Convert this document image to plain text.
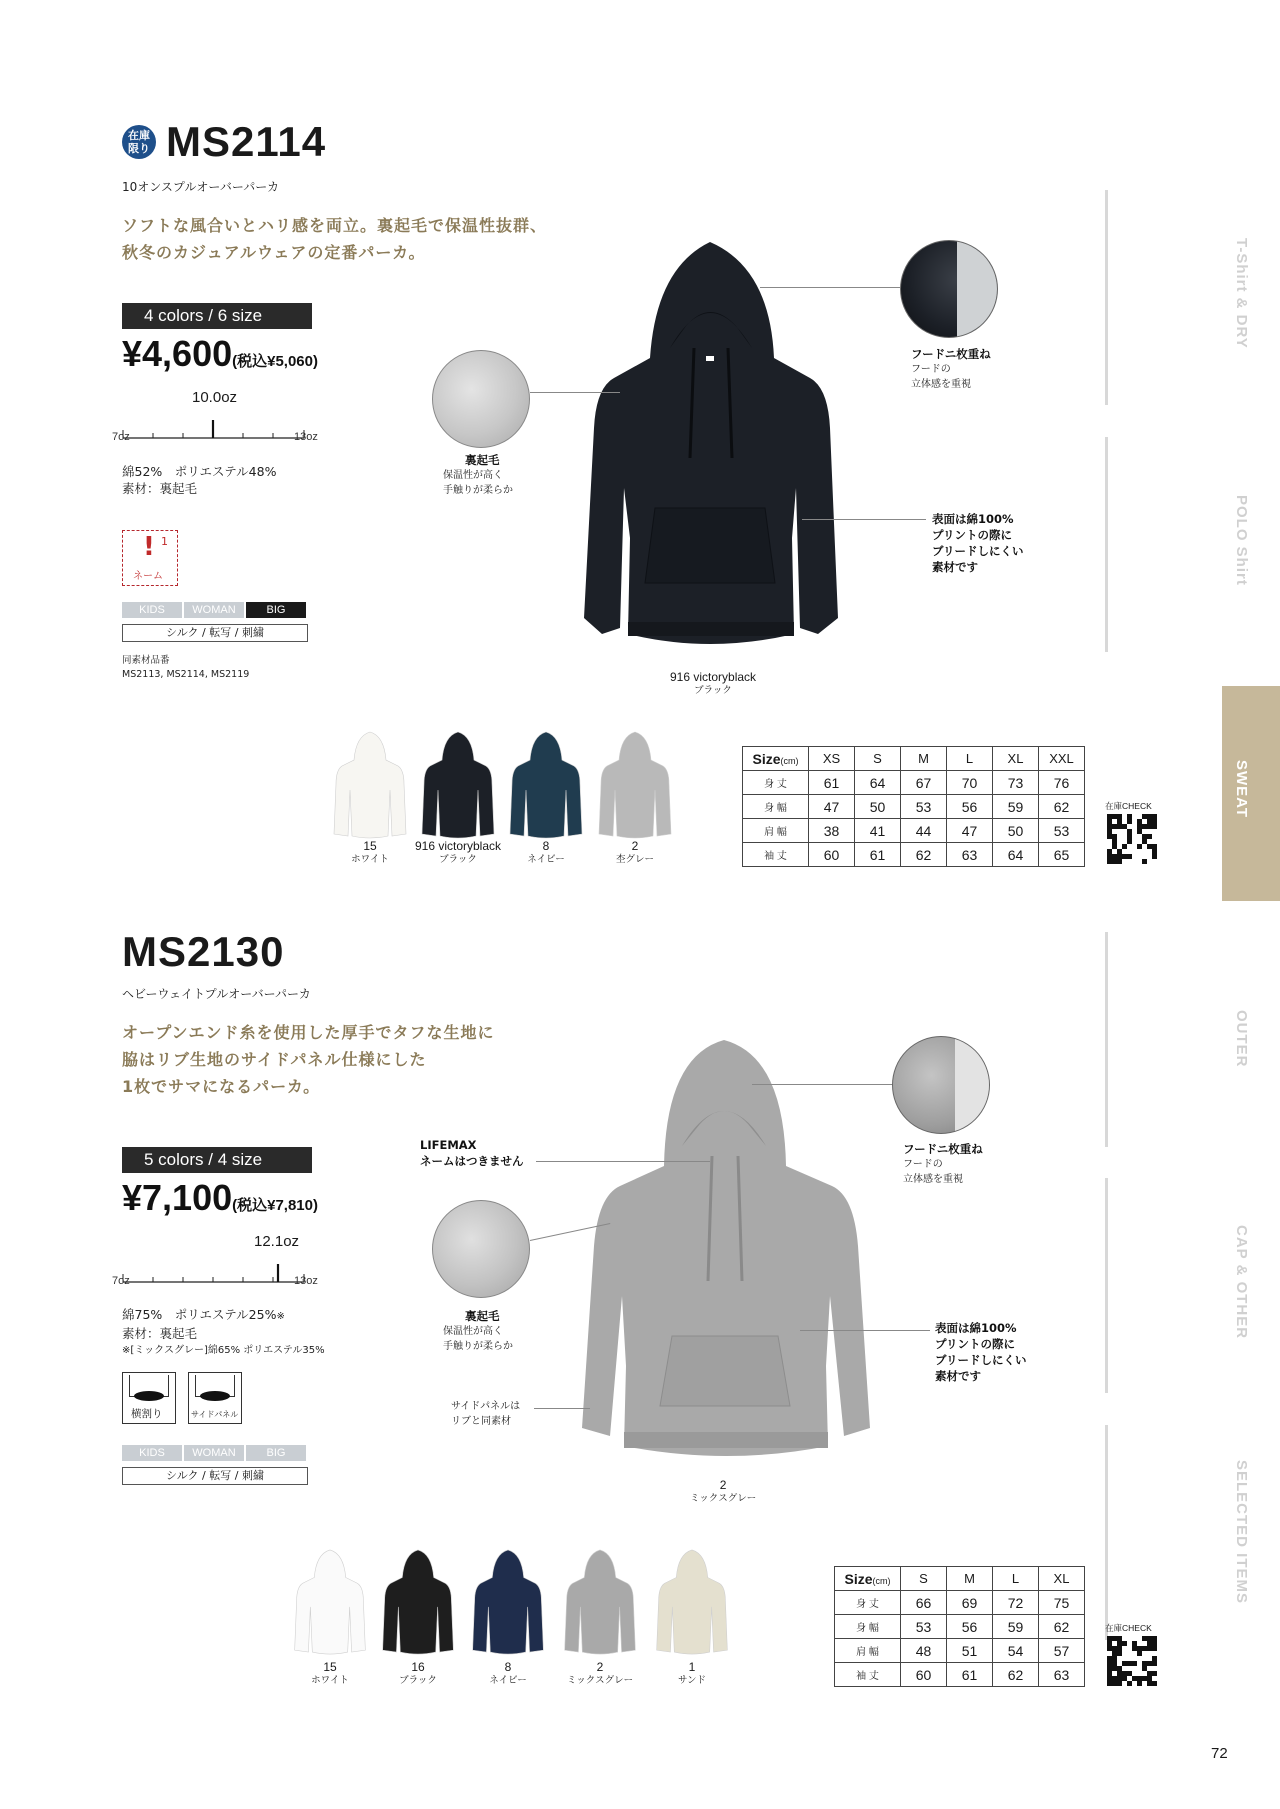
T-Shirt & DRY
POLO Shirt
SWEAT
OUTER
CAP & OTHER
SELECTED ITEMS
72
在庫
限り MS2114
10オンスプルオーバーパーカ
ソフトな風合いとハリ感を両立。裏起毛で保温性抜群、
秋冬のカジュアルウェアの定番パーカ。
4 colors / 6 size
¥4,600(税込¥5,060)
10.0oz
7oz	13oz
綿52%　ポリエステル48%
素材：裏起毛
! 1
ネーム
KIDS	WOMAN	BIG
シルク / 転写 / 刺繍
同素材品番
MS2113, MS2114, MS2119	916 victoryblack
ブラック
フードニ枚重ね
フードの
立体感を重視
裏起毛
保温性が高く
手触りが柔らか
表面は綿100%
プリントの際に
ブリードしにくい
素材です
15
ホワイト
916 victoryblack
ブラック
8
ネイビー
2
杢グレー
Size(cm)	XS	S	M	L	XL	XXL
身 丈	61	64	67	70	73	76
身 幅	47	50	53	56	59	62
肩 幅	38	41	44	47	50	53
袖 丈	60	61	62	63	64	65
在庫CHECK
MS2130
ヘビーウェイトプルオーバーパーカ
オープンエンド糸を使用した厚手でタフな生地に
脇はリブ生地のサイドパネル仕様にした
1枚でサマになるパーカ。
5 colors / 4 size
¥7,100(税込¥7,810)
12.1oz
7oz	13oz
綿75%　ポリエステル25%※
素材：裏起毛
※[ミックスグレー]綿65% ポリエステル35%
横割り	サイドパネル
KIDS	WOMAN	BIG
シルク / 転写 / 刺繍
2
ミックスグレー
フードニ枚重ね
フードの
立体感を重視
LIFEMAX
ネームはつきません
裏起毛
保温性が高く
手触りが柔らか
表面は綿100%
プリントの際に
ブリードしにくい
素材です
サイドパネルは
リブと同素材
15
ホワイト
16
ブラック
8
ネイビー
2
ミックスグレー
1
サンド
Size(cm)	S	M	L	XL
身 丈	66	69	72	75
身 幅	53	56	59	62
肩 幅	48	51	54	57
袖 丈	60	61	62	63
在庫CHECK
